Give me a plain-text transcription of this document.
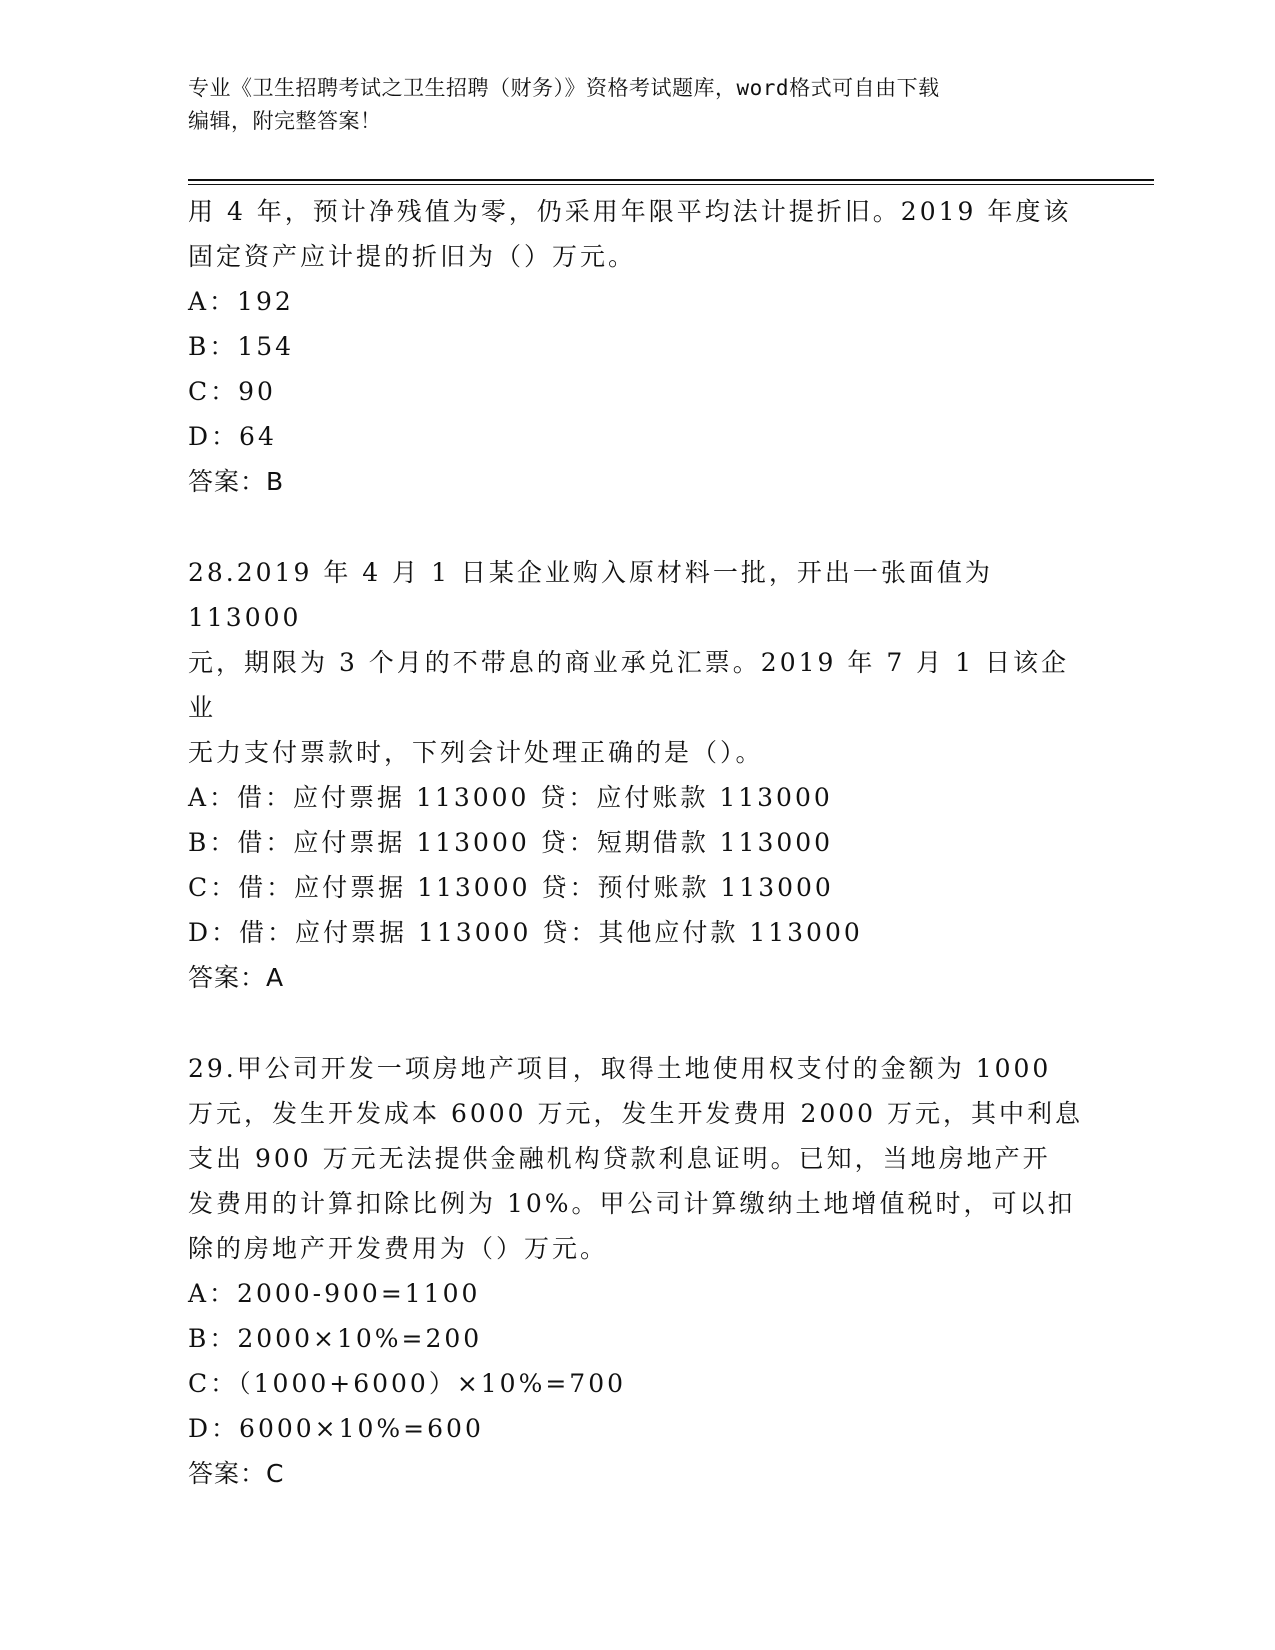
专业《卫生招聘考试之卫生招聘（财务）》资格考试题库，word格式可自由下载
编辑，附完整答案！

用 4 年，预计净残值为零，仍采用年限平均法计提折旧。2019 年度该

固定资产应计提的折旧为（）万元。

A：192

B：154

C：90

D：64

答案：B

28.2019 年 4 月 1 日某企业购入原材料一批，开出一张面值为 113000

元，期限为 3 个月的不带息的商业承兑汇票。2019 年 7 月 1 日该企业

无力支付票款时，下列会计处理正确的是（）。

A：借：应付票据 113000 贷：应付账款 113000

B：借：应付票据 113000 贷：短期借款 113000

C：借：应付票据 113000 贷：预付账款 113000

D：借：应付票据 113000 贷：其他应付款 113000

答案：A

29.甲公司开发一项房地产项目，取得土地使用权支付的金额为 1000

万元，发生开发成本 6000 万元，发生开发费用 2000 万元，其中利息

支出 900 万元无法提供金融机构贷款利息证明。已知，当地房地产开

发费用的计算扣除比例为 10%。甲公司计算缴纳土地增值税时，可以扣

除的房地产开发费用为（）万元。

A：2000-900=1100

B：2000×10%=200

C：（1000+6000）×10%=700

D：6000×10%=600

答案：C
